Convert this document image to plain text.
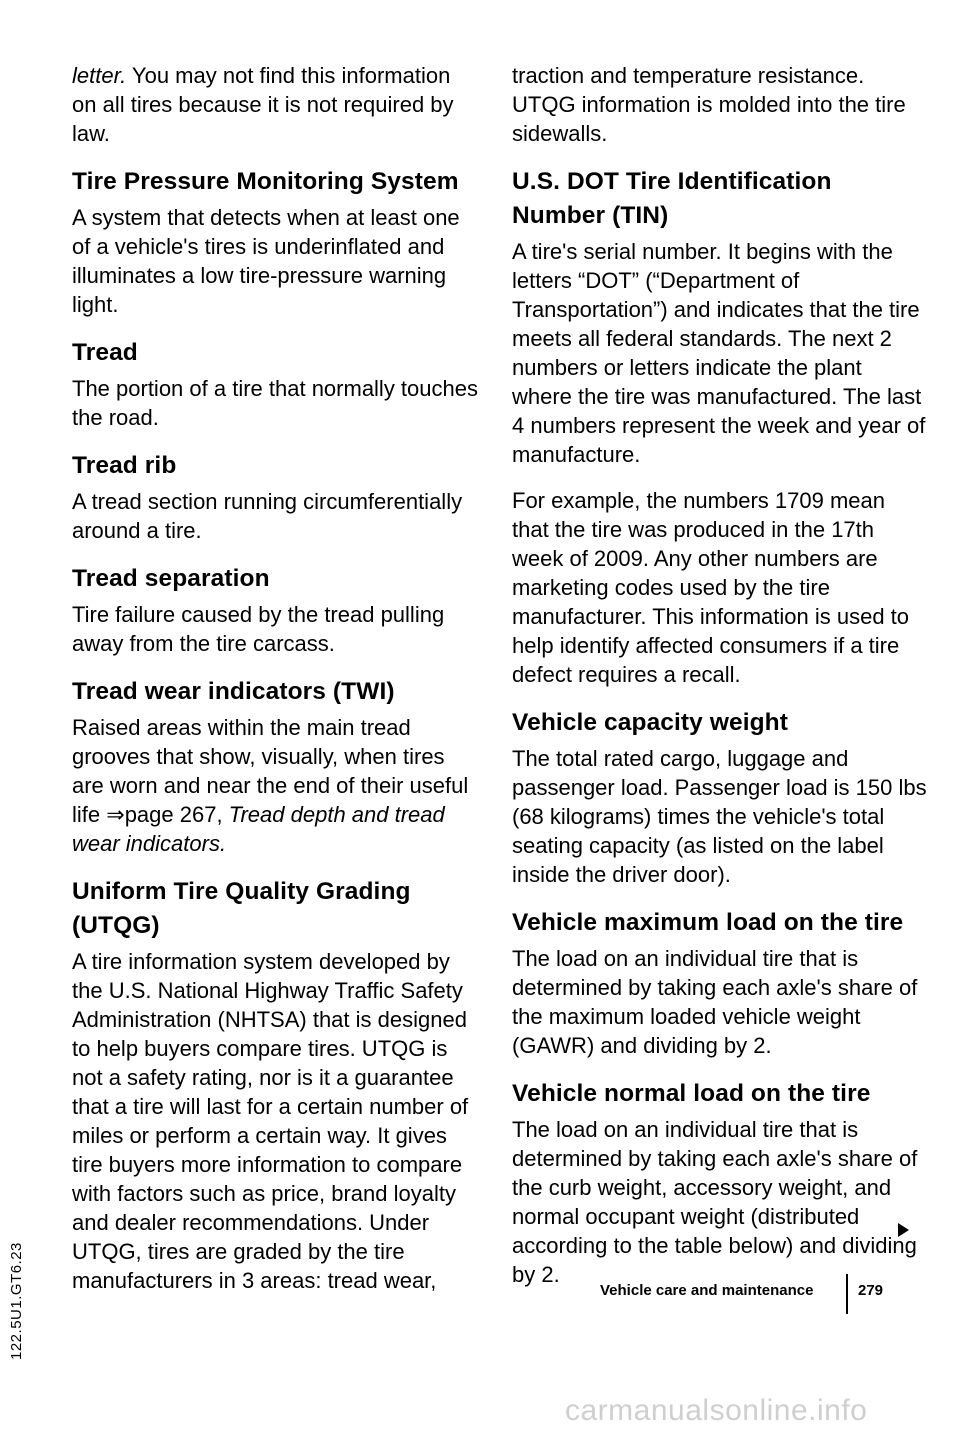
letter. You may not find this information on all tires because it is not required by law.

Tire Pressure Monitoring System

A system that detects when at least one of a vehicle's tires is underinflated and illuminates a low tire-pressure warning light.

Tread

The portion of a tire that normally touches the road.

Tread rib

A tread section running circumferentially around a tire.

Tread separation

Tire failure caused by the tread pulling away from the tire carcass.

Tread wear indicators (TWI)

Raised areas within the main tread grooves that show, visually, when tires are worn and near the end of their useful life ⇒page 267, Tread depth and tread wear indicators.

Uniform Tire Quality Grading (UTQG)

A tire information system developed by the U.S. National Highway Traffic Safety Administration (NHTSA) that is designed to help buyers compare tires. UTQG is not a safety rating, nor is it a guarantee that a tire will last for a certain number of miles or perform a certain way. It gives tire buyers more information to compare with factors such as price, brand loyalty and dealer recommendations. Under UTQG, tires are graded by the tire manufacturers in 3 areas: tread wear,

traction and temperature resistance. UTQG information is molded into the tire sidewalls.

U.S. DOT Tire Identification Number (TIN)

A tire's serial number. It begins with the letters “DOT” (“Department of Transportation”) and indicates that the tire meets all federal standards. The next 2 numbers or letters indicate the plant where the tire was manufactured. The last 4 numbers represent the week and year of manufacture.

For example, the numbers 1709 mean that the tire was produced in the 17th week of 2009. Any other numbers are marketing codes used by the tire manufacturer. This information is used to help identify affected consumers if a tire defect requires a recall.

Vehicle capacity weight

The total rated cargo, luggage and passenger load. Passenger load is 150 lbs (68 kilograms) times the vehicle's total seating capacity (as listed on the label inside the driver door).

Vehicle maximum load on the tire

The load on an individual tire that is determined by taking each axle's share of the maximum loaded vehicle weight (GAWR) and dividing by 2.

Vehicle normal load on the tire

The load on an individual tire that is determined by taking each axle's share of the curb weight, accessory weight, and normal occupant weight (distributed according to the table below) and dividing by 2.

122.5U1.GT6.23	Vehicle care and maintenance	279
carmanualsonline.info
